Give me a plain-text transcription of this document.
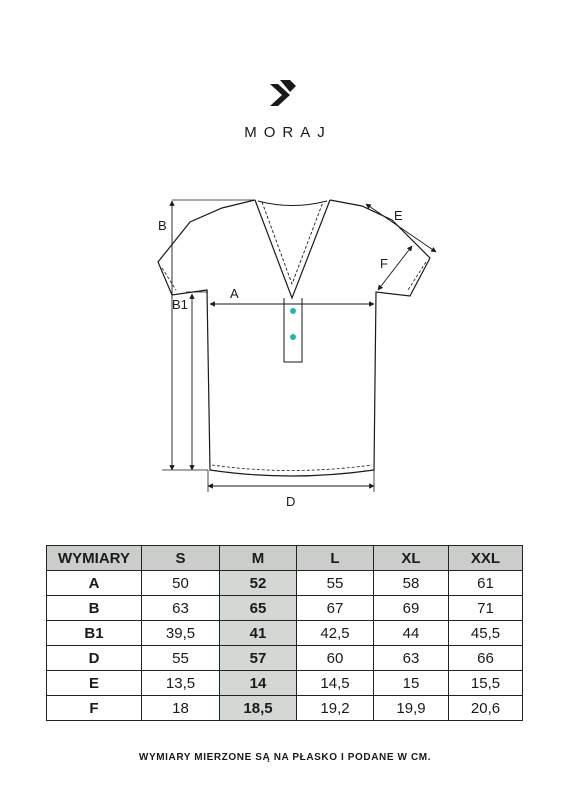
MORAJ
B
B1
A
D
E
F
WYMIARY	S	M	L	XL	XXL
A	50	52	55	58	61
B	63	65	67	69	71
B1	39,5	41	42,5	44	45,5
D	55	57	60	63	66
E	13,5	14	14,5	15	15,5
F	18	18,5	19,2	19,9	20,6
WYMIARY MIERZONE SĄ NA PŁASKO I PODANE W CM.
